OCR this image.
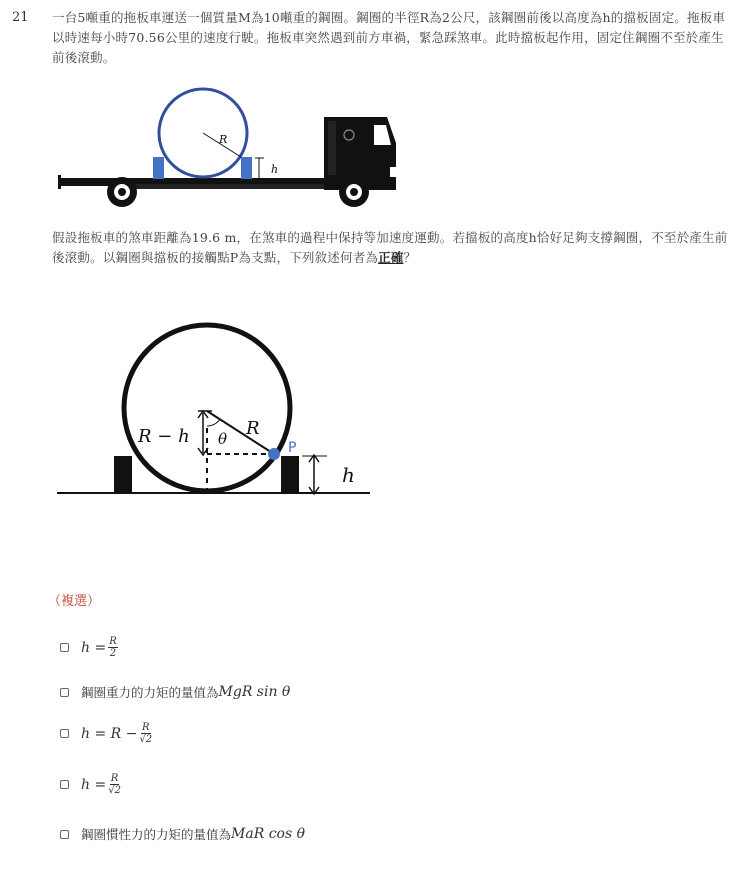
21 一台5噸重的拖板車運送一個質量M為10噸重的鋼圈。鋼圈的半徑R為2公尺，該鋼圈前後以高度為h的擋板固定。拖板車以時速每小時70.56公里的速度行駛。拖板車突然遇到前方車禍，緊急踩煞車。此時擋板起作用，固定住鋼圈不至於產生前後滾動。
R
h
假設拖板車的煞車距離為19.6 m，在煞車的過程中保持等加速度運動。若擋板的高度h恰好足夠支撐鋼圈，不至於產生前後滾動。以鋼圈與擋板的接觸點P為支點，下列敘述何者為正確？
R − h θ R
P
h
（複選）
$h = \frac{R}{2}$
鋼圈重力的力矩的量值為 MgR sin θ
$h = R - \frac{R}{√2}$
$h = \frac{R}{√2}$
鋼圈慣性力的力矩的量值為 MaR cos θ
